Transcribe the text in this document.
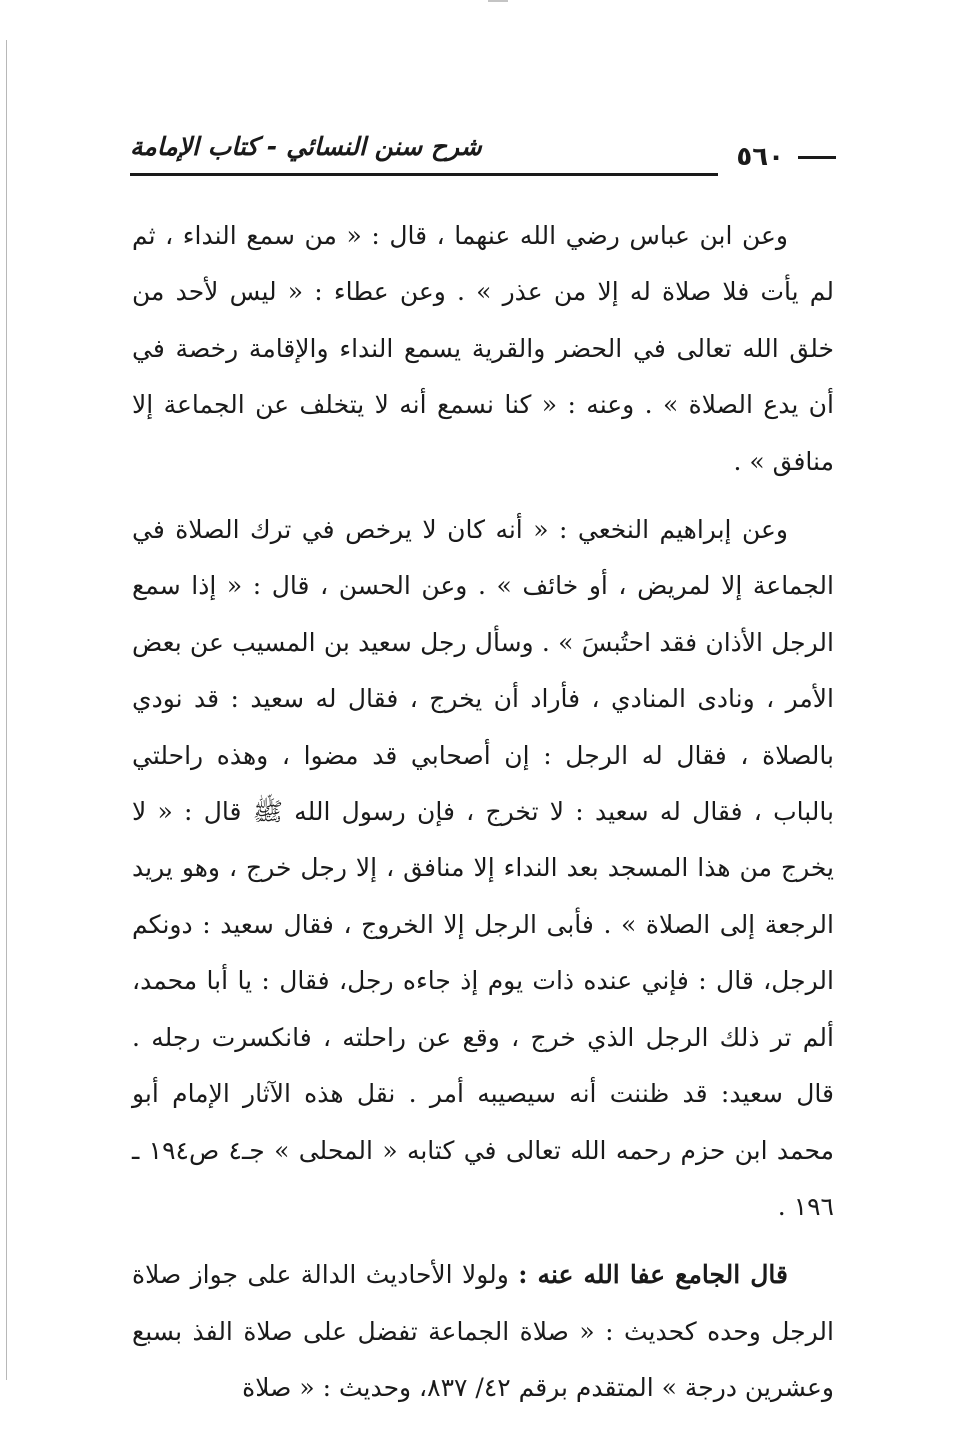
شرح سنن النسائي - كتاب الإمامة	٥٦٠

وعن ابن عباس رضي الله عنهما ، قال : « من سمع النداء ، ثم لم يأت فلا صلاة له إلا من عذر » . وعن عطاء : « ليس لأحد من خلق الله تعالى في الحضر والقرية يسمع النداء والإقامة رخصة في أن يدع الصلاة » . وعنه : « كنا نسمع أنه لا يتخلف عن الجماعة إلا منافق » .

وعن إبراهيم النخعي : « أنه كان لا يرخص في ترك الصلاة في الجماعة إلا لمريض ، أو خائف » . وعن الحسن ، قال : « إذا سمع الرجل الأذان فقد احتُبسَ » . وسأل رجل سعيد بن المسيب عن بعض الأمر ، ونادى المنادي ، فأراد أن يخرج ، فقال له سعيد : قد نودي بالصلاة ، فقال له الرجل : إن أصحابي قد مضوا ، وهذه راحلتي بالباب ، فقال له سعيد : لا تخرج ، فإن رسول الله ﷺ قال : « لا يخرج من هذا المسجد بعد النداء إلا منافق ، إلا رجل خرج ، وهو يريد الرجعة إلى الصلاة » . فأبى الرجل إلا الخروج ، فقال سعيد : دونكم الرجل، قال : فإني عنده ذات يوم إذ جاءه رجل، فقال : يا أبا محمد، ألم تر ذلك الرجل الذي خرج ، وقع عن راحلته ، فانكسرت رجله . قال سعيد: قد ظننت أنه سيصيبه أمر . نقل هذه الآثار الإمام أبو محمد ابن حزم رحمه الله تعالى في كتابه « المحلى » جـ٤ ص١٩٤ ـ ١٩٦ .

قال الجامع عفا الله عنه : ولولا الأحاديث الدالة على جواز صلاة الرجل وحده كحديث : « صلاة الجماعة تفضل على صلاة الفذ بسبع وعشرين درجة » المتقدم برقم ٤٢/ ٨٣٧، وحديث : « صلاة
